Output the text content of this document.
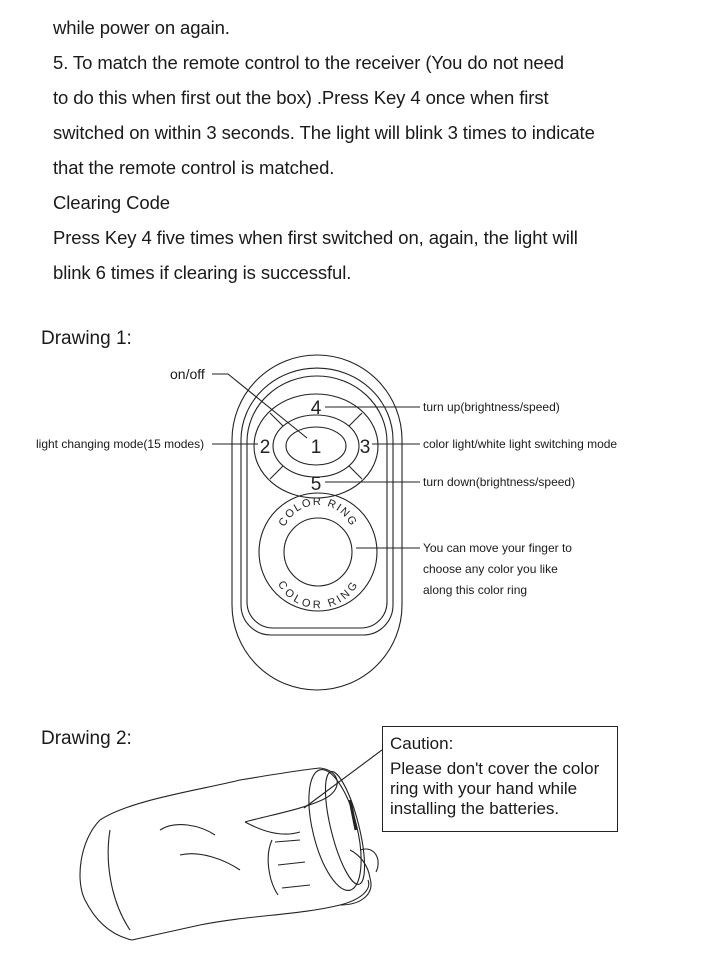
while power on again.
5. To match the remote control to the receiver (You do not need
to do this when first out the box) .Press Key 4 once when first
switched on within 3 seconds. The light will blink 3 times to indicate
that the remote control is matched.
Clearing Code
Press Key 4 five times when first switched on, again, the light will
blink 6 times if clearing is successful.
Drawing 1:
4
1
2	3
5
COLOR RING
COLOR RING
on/off
light changing mode(15 modes)
turn up(brightness/speed)
color light/white light switching mode
turn down(brightness/speed)
You can move your finger to
choose any color you like
along this color ring
Drawing 2:	Caution:
Please don't cover the color
ring with your hand while
installing the batteries.
